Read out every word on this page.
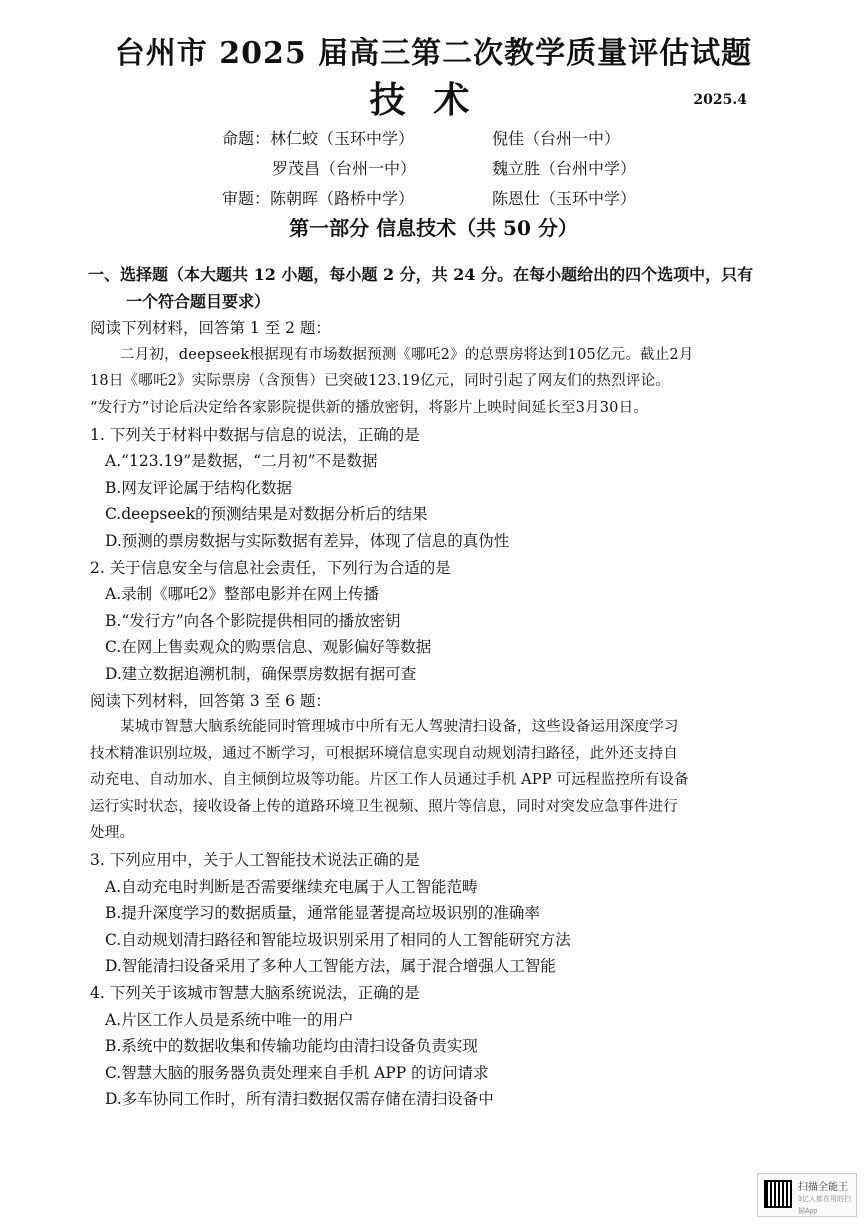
台州市 2025 届高三第二次教学质量评估试题
技术	2025.4
命题：林仁蛟（玉环中学）	倪佳（台州一中）
罗茂昌（台州一中）	魏立胜（台州中学）
审题：陈朝晖（路桥中学）	陈恩仕（玉环中学）
第一部分 信息技术（共 50 分）
一、选择题（本大题共 12 小题，每小题 2 分，共 24 分。在每小题给出的四个选项中，只有
一个符合题目要求）
阅读下列材料，回答第 1 至 2 题：
二月初，deepseek根据现有市场数据预测《哪吒2》的总票房将达到105亿元。截止2月
18日《哪吒2》实际票房（含预售）已突破123.19亿元，同时引起了网友们的热烈评论。
“发行方”讨论后决定给各家影院提供新的播放密钥，将影片上映时间延长至3月30日。
1. 下列关于材料中数据与信息的说法，正确的是
A.“123.19”是数据，“二月初”不是数据
B.网友评论属于结构化数据
C.deepseek的预测结果是对数据分析后的结果
D.预测的票房数据与实际数据有差异，体现了信息的真伪性
2. 关于信息安全与信息社会责任，下列行为合适的是
A.录制《哪吒2》整部电影并在网上传播
B.“发行方”向各个影院提供相同的播放密钥
C.在网上售卖观众的购票信息、观影偏好等数据
D.建立数据追溯机制，确保票房数据有据可查
阅读下列材料，回答第 3 至 6 题：
某城市智慧大脑系统能同时管理城市中所有无人驾驶清扫设备，这些设备运用深度学习
技术精准识别垃圾，通过不断学习，可根据环境信息实现自动规划清扫路径，此外还支持自
动充电、自动加水、自主倾倒垃圾等功能。片区工作人员通过手机 APP 可远程监控所有设备
运行实时状态，接收设备上传的道路环境卫生视频、照片等信息，同时对突发应急事件进行
处理。
3. 下列应用中，关于人工智能技术说法正确的是
A.自动充电时判断是否需要继续充电属于人工智能范畴
B.提升深度学习的数据质量，通常能显著提高垃圾识别的准确率
C.自动规划清扫路径和智能垃圾识别采用了相同的人工智能研究方法
D.智能清扫设备采用了多种人工智能方法，属于混合增强人工智能
4. 下列关于该城市智慧大脑系统说法，正确的是
A.片区工作人员是系统中唯一的用户
B.系统中的数据收集和传输功能均由清扫设备负责实现
C.智慧大脑的服务器负责处理来自手机 APP 的访问请求
D.多车协同工作时，所有清扫数据仅需存储在清扫设备中
扫描全能王
3亿人都在用的扫描App
